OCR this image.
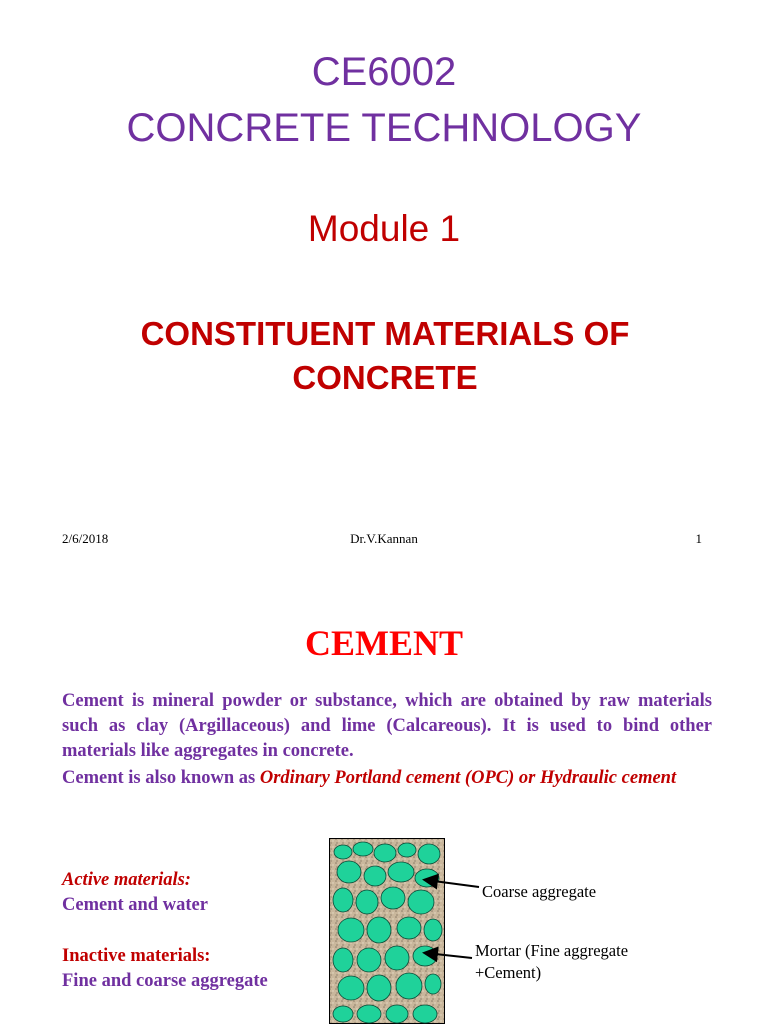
CE6002
CONCRETE TECHNOLOGY
Module 1
CONSTITUENT MATERIALS OF CONCRETE
2/6/2018	Dr.V.Kannan	1
CEMENT
Cement is mineral powder or substance, which are obtained by raw materials such as clay (Argillaceous) and lime (Calcareous). It is used to bind other materials like aggregates in concrete.
Cement is also known as Ordinary Portland cement (OPC) or Hydraulic cement
Active materials:
Cement and water
Inactive materials:
Fine and coarse aggregate
Coarse aggregate
Mortar (Fine aggregate +Cement)
